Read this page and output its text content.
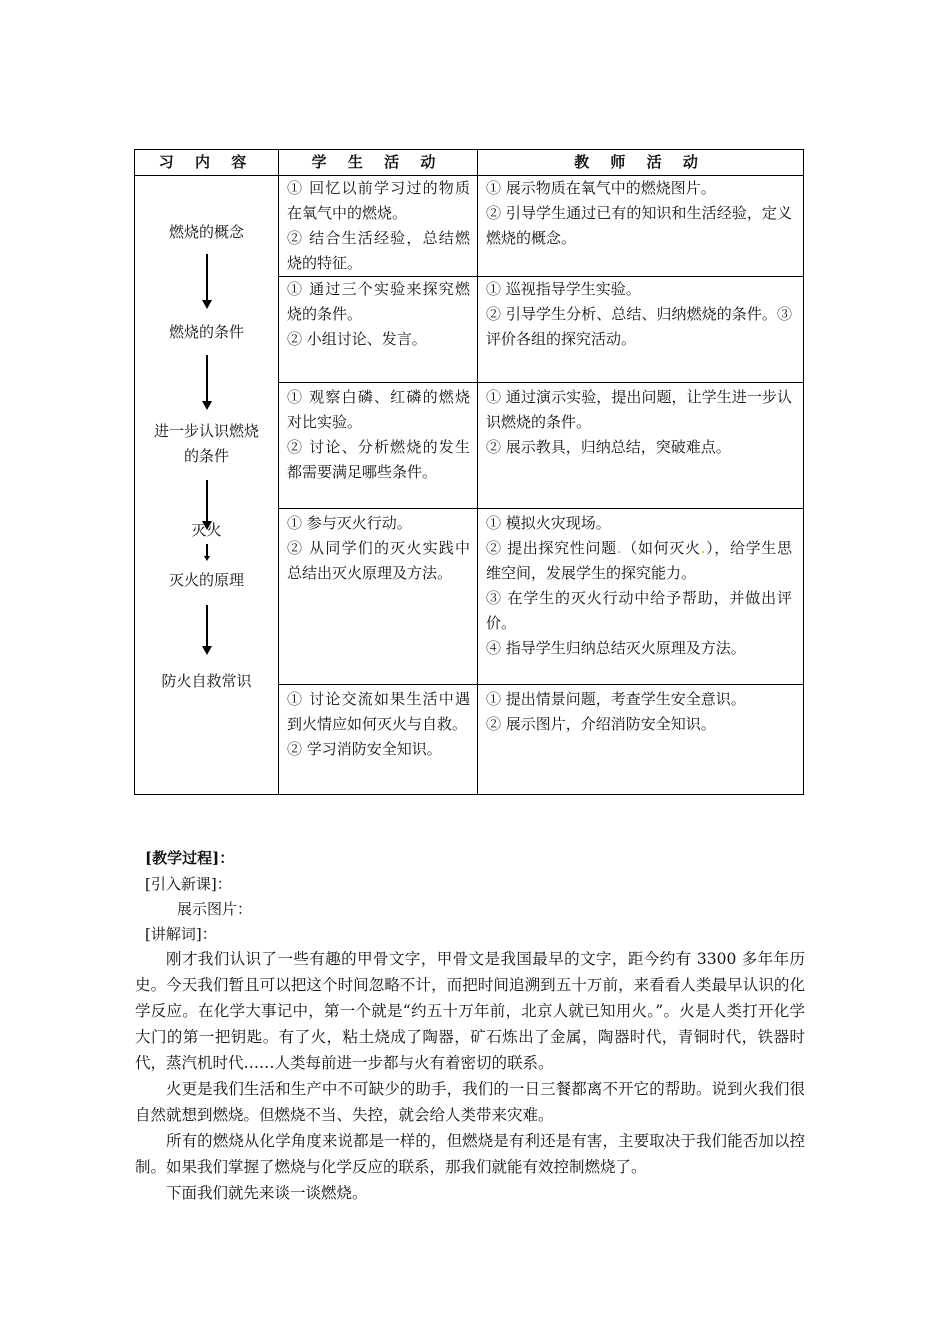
习 内 容	学 生 活 动	教 师 活 动
燃烧的概念
燃烧的条件
进一步认识燃烧
的条件
灭火
灭火的原理
防火自救常识

① 回忆以前学习过的物质在氧气中的燃烧。

② 结合生活经验，总结燃烧的特征。

① 展示物质在氧气中的燃烧图片。

② 引导学生通过已有的知识和生活经验，定义燃烧的概念。

① 通过三个实验来探究燃烧的条件。

② 小组讨论、发言。

① 巡视指导学生实验。

② 引导学生分析、总结、归纳燃烧的条件。③评价各组的探究活动。

① 观察白磷、红磷的燃烧对比实验。

② 讨论、分析燃烧的发生都需要满足哪些条件。

① 通过演示实验，提出问题，让学生进一步认识燃烧的条件。

② 展示教具，归纳总结，突破难点。

① 参与灭火行动。

② 从同学们的灭火实践中总结出灭火原理及方法。

① 模拟火灾现场。

② 提出探究性问题.（如何灭火.），给学生思维空间，发展学生的探究能力。

③ 在学生的灭火行动中给予帮助，并做出评价。

④ 指导学生归纳总结灭火原理及方法。

① 讨论交流如果生活中遇到火情应如何灭火与自救。

② 学习消防安全知识。

① 提出情景问题，考查学生安全意识。

② 展示图片，介绍消防安全知识。

[教学过程]：
[引入新课]：
展示图片：
[讲解词]：

刚才我们认识了一些有趣的甲骨文字，甲骨文是我国最早的文字，距今约有 3300 多年年历史。今天我们暂且可以把这个时间忽略不计，而把时间追溯到五十万前，来看看人类最早认识的化学反应。在化学大事记中，第一个就是“约五十万年前，北京人就已知用火。”。火是人类打开化学大门的第一把钥匙。有了火，粘土烧成了陶器，矿石炼出了金属，陶器时代，青铜时代，铁器时代，蒸汽机时代……人类每前进一步都与火有着密切的联系。

火更是我们生活和生产中不可缺少的助手，我们的一日三餐都离不开它的帮助。说到火我们很自然就想到燃烧。但燃烧不当、失控，就会给人类带来灾难。

所有的燃烧从化学角度来说都是一样的，但燃烧是有利还是有害，主要取决于我们能否加以控制。如果我们掌握了燃烧与化学反应的联系，那我们就能有效控制燃烧了。

下面我们就先来谈一谈燃烧。
